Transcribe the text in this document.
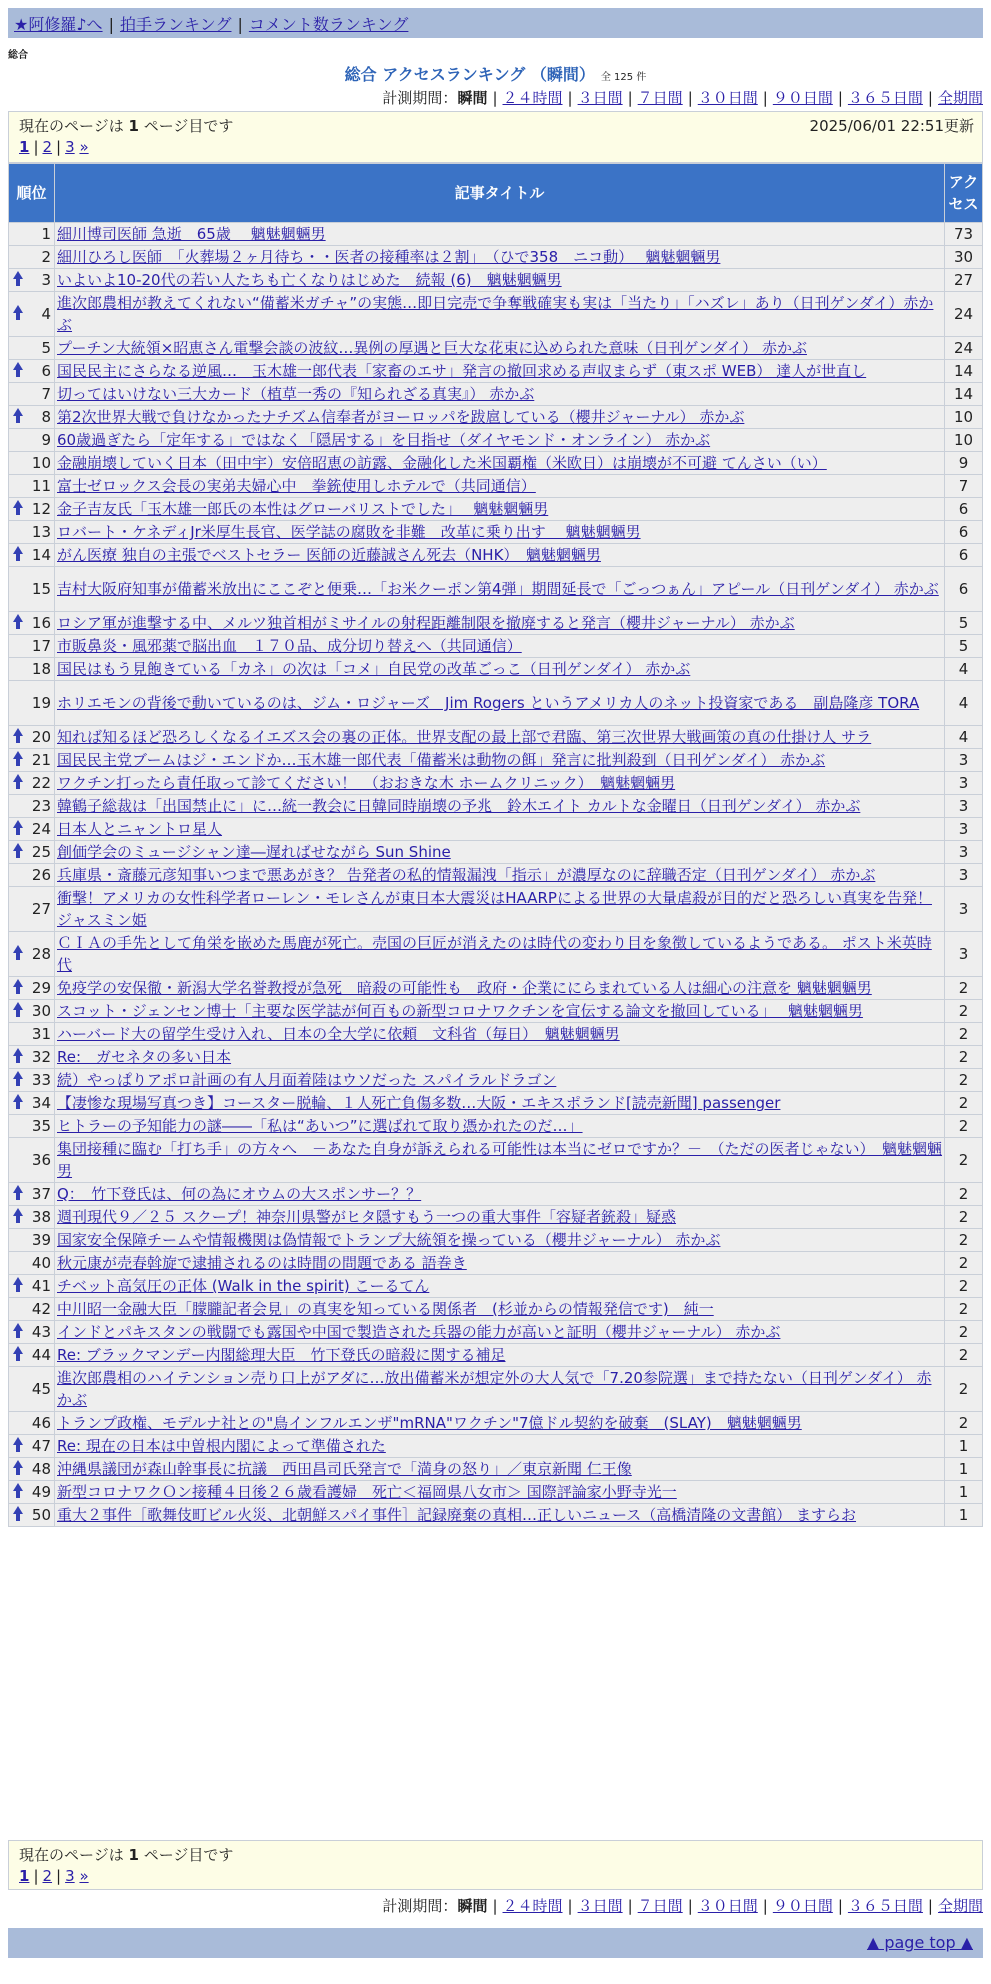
★阿修羅♪へ | 拍手ランキング | コメント数ランキング
総合
総合 アクセスランキング （瞬間） 全 125 件
計測期間：瞬間 | ２４時間 | ３日間 | ７日間 | ３０日間 | ９０日間 | ３６５日間 | 全期間
現在のページは 1 ページ目です	2025/06/01 22:51更新
1 | 2 | 3 »
順位	記事タイトル	アクセス
1	細川博司医師 急逝　65歳　 魑魅魍魎男	73
2	細川ひろし医師　「火葬場２ヶ月待ち・・医者の接種率は２割」　（ひで358　ニコ動）　 魑魅魍魎男	30

3	いよいよ10-20代の若い人たちも亡くなりはじめた　続報 (6)　魑魅魍魎男	27

4	進次郎農相が教えてくれない“備蓄米ガチャ”の実態…即日完売で争奪戦確実も実は「当たり」「ハズレ」あり（日刊ゲンダイ）赤かぶ	24
5	プーチン大統領×昭恵さん電撃会談の波紋…異例の厚遇と巨大な花束に込められた意味（日刊ゲンダイ） 赤かぶ	24

6	国民民主にさらなる逆風…　玉木雄一郎代表「家畜のエサ」発言の撤回求める声収まらず（東スポ WEB） 達人が世直し	14
7	切ってはいけない三大カード（植草一秀の『知られざる真実』） 赤かぶ	14

8	第2次世界大戦で負けなかったナチズム信奉者がヨーロッパを跋扈している（櫻井ジャーナル） 赤かぶ	10
9	60歳過ぎたら「定年する」ではなく「隠居する」を目指せ（ダイヤモンド・オンライン） 赤かぶ	10
10	金融崩壊していく日本（田中宇）安倍昭恵の訪露、金融化した米国覇権（米欧日）は崩壊が不可避 てんさい（い）	9
11	富士ゼロックス会長の実弟夫婦心中　拳銃使用しホテルで（共同通信）	7

12	金子吉友氏「玉木雄一郎氏の本性はグローバリストでした」　 魑魅魍魎男	6
13	ロバート・ケネディJr米厚生長官、医学誌の腐敗を非難　改革に乗り出す　 魑魅魍魎男	6

14	がん医療 独自の主張でベストセラー 医師の近藤誠さん死去（NHK）　魑魅魍魎男	6
15	吉村大阪府知事が備蓄米放出にここぞと便乗…「お米クーポン第4弾」期間延長で「ごっつぁん」アピール（日刊ゲンダイ） 赤かぶ	6

16	ロシア軍が進撃する中、メルツ独首相がミサイルの射程距離制限を撤廃すると発言（櫻井ジャーナル） 赤かぶ	5
17	市販鼻炎・風邪薬で脳出血　１７０品、成分切り替えへ（共同通信）	5
18	国民はもう見飽きている「カネ」の次は「コメ」自民党の改革ごっこ（日刊ゲンダイ） 赤かぶ	4
19	ホリエモンの背後で動いているのは、ジム・ロジャーズ　Jim Rogers というアメリカ人のネット投資家である　副島隆彦 TORA	4

20	知れば知るほど恐ろしくなるイエズス会の裏の正体。世界支配の最上部で君臨、第三次世界大戦画策の真の仕掛け人 サラ	4

21	国民民主党ブームはジ・エンドか…玉木雄一郎代表「備蓄米は動物の餌」発言に批判殺到（日刊ゲンダイ） 赤かぶ	3

22	ワクチン打ったら責任取って診てください！　（おおきな木 ホームクリニック）　魑魅魍魎男	3
23	韓鶴子総裁は「出国禁止に」に…統一教会に日韓同時崩壊の予兆　鈴木エイト カルトな金曜日（日刊ゲンダイ） 赤かぶ	3

24	日本人とニャントロ星人	3

25	創価学会のミュージシャン達―遅ればせながら Sun Shine	3
26	兵庫県・斎藤元彦知事いつまで悪あがき？ 告発者の私的情報漏洩「指示」が濃厚なのに辞職否定（日刊ゲンダイ） 赤かぶ	3
27	衝撃！アメリカの女性科学者ローレン・モレさんが東日本大震災はHAARPによる世界の大量虐殺が目的だと恐ろしい真実を告発！ ジャスミン姫	3

28	ＣＩＡの手先として角栄を嵌めた馬鹿が死亡。売国の巨匠が消えたのは時代の変わり目を象徴しているようである。 ポスト米英時代	3

29	免疫学の安保徹・新潟大学名誉教授が急死　暗殺の可能性も　政府・企業ににらまれている人は細心の注意を 魑魅魍魎男	2

30	スコット・ジェンセン博士「主要な医学誌が何百もの新型コロナワクチンを宣伝する論文を撤回している」　 魑魅魍魎男	2
31	ハーバード大の留学生受け入れ、日本の全大学に依頼　文科省（毎日）　魑魅魍魎男	2

32	Re:　ガセネタの多い日本	2

33	続）やっぱりアポロ計画の有人月面着陸はウソだった スパイラルドラゴン	2

34	【凄惨な現場写真つき】コースター脱輪、１人死亡負傷多数…大阪・エキスポランド[読売新聞] passenger	2
35	ヒトラーの予知能力の謎――「私は“あいつ”に選ばれて取り憑かれたのだ…」	2
36	集団接種に臨む「打ち手」の方々へ　－あなた自身が訴えられる可能性は本当にゼロですか？－　（ただの医者じゃない）　魑魅魍魎男	2

37	Q：　竹下登氏は、何の為にオウムの大スポンサー？？	2

38	週刊現代９／２５ スクープ！神奈川県警がヒタ隠すもう一つの重大事件「容疑者銃殺」疑惑	2
39	国家安全保障チームや情報機関は偽情報でトランプ大統領を操っている（櫻井ジャーナル） 赤かぶ	2
40	秋元康が売春斡旋で逮捕されるのは時間の問題である 語巻き	2

41	チベット高気圧の正体 (Walk in the spirit) こーるてん	2
42	中川昭一金融大臣「朦朧記者会見」の真実を知っている関係者　(杉並からの情報発信です)　純一	2

43	インドとパキスタンの戦闘でも露国や中国で製造された兵器の能力が高いと証明（櫻井ジャーナル） 赤かぶ	2

44	Re: ブラックマンデー内閣総理大臣　竹下登氏の暗殺に関する補足	2
45	進次郎農相のハイテンション売り口上がアダに…放出備蓄米が想定外の大人気で「7.20参院選」まで持たない（日刊ゲンダイ） 赤かぶ	2
46	トランプ政権、モデルナ社との"鳥インフルエンザ"mRNA"ワクチン"7億ドル契約を破棄　(SLAY)　魑魅魍魎男	2

47	Re: 現在の日本は中曽根内閣によって準備された	1

48	沖縄県議団が森山幹事長に抗議　西田昌司氏発言で「満身の怒り」／東京新聞 仁王像	1

49	新型コロナワクＯン接種４日後２６歳看護婦　死亡＜福岡県八女市＞ 国際評論家小野寺光一	1

50	重大２事件［歌舞伎町ビル火災、北朝鮮スパイ事件］記録廃棄の真相…正しいニュース（高橋清隆の文書館） ますらお	1
現在のページは 1 ページ目です
1 | 2 | 3 »
計測期間：瞬間 | ２４時間 | ３日間 | ７日間 | ３０日間 | ９０日間 | ３６５日間 | 全期間
▲ page top ▲
